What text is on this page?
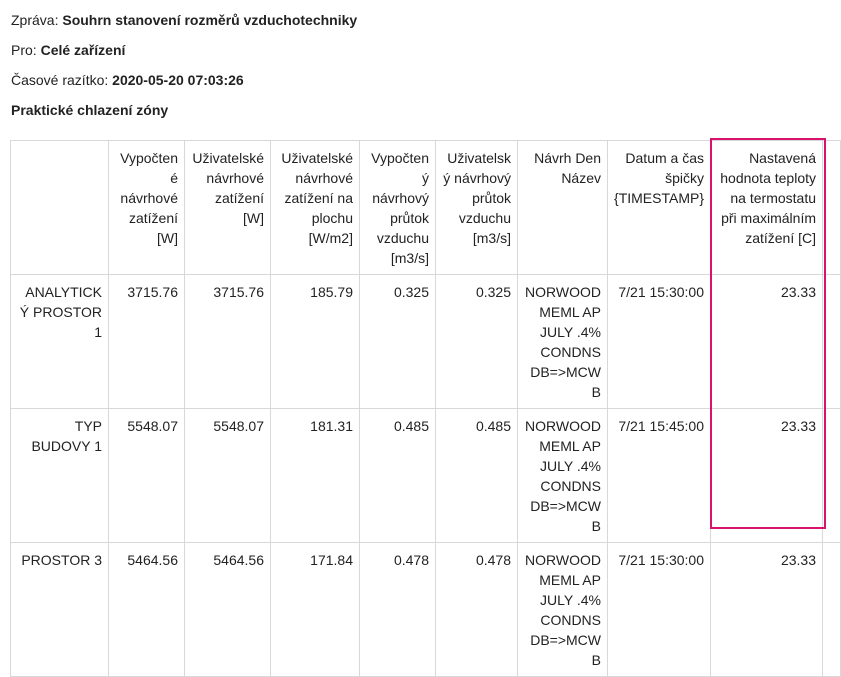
Zpráva: Souhrn stanovení rozměrů vzduchotechniky
Pro: Celé zařízení
Časové razítko: 2020-05-20 07:03:26
Praktické chlazení zóny
	Vypočtené návrhové zatížení [W]	Uživatelské návrhové zatížení [W]	Uživatelské návrhové zatížení na plochu [W/m2]	Vypočtený návrhový průtok vzduchu [m3/s]	Uživatelský návrhový průtok vzduchu [m3/s]	Návrh Den Název	Datum a čas špičky {TIMESTAMP}	Nastavená hodnota teploty na termostatu při maximálním zatížení [C]	
ANALYTICKÝ PROSTOR 1	3715.76	3715.76	185.79	0.325	0.325	NORWOOD MEML AP JULY .4% CONDNS DB=>MCWB	7/21 15:30:00	23.33	
TYP BUDOVY 1	5548.07	5548.07	181.31	0.485	0.485	NORWOOD MEML AP JULY .4% CONDNS DB=>MCWB	7/21 15:45:00	23.33	
PROSTOR 3	5464.56	5464.56	171.84	0.478	0.478	NORWOOD MEML AP JULY .4% CONDNS DB=>MCWB	7/21 15:30:00	23.33	
